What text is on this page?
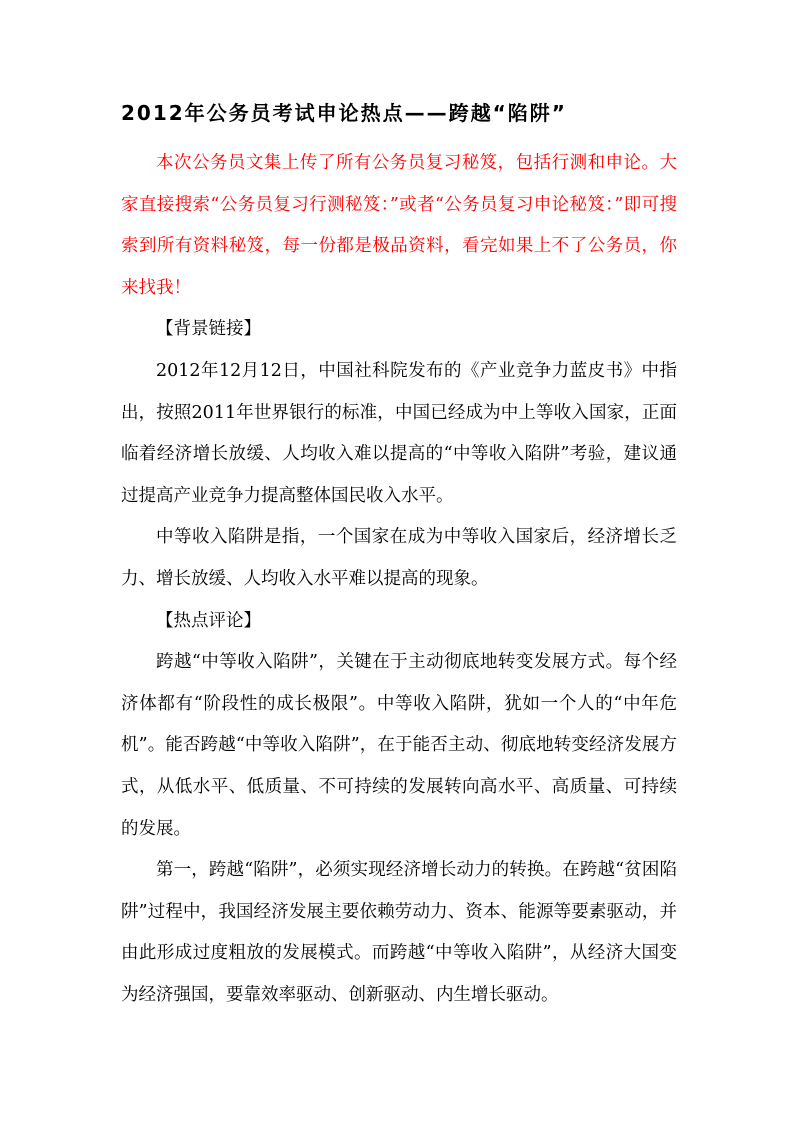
2012年公务员考试申论热点——跨越“陷阱”

本次公务员文集上传了所有公务员复习秘笈，包括行测和申论。大家直接搜索“公务员复习行测秘笈：”或者“公务员复习申论秘笈：”即可搜索到所有资料秘笈，每一份都是极品资料，看完如果上不了公务员，你来找我！

【背景链接】

2012年12月12日，中国社科院发布的《产业竞争力蓝皮书》中指出，按照2011年世界银行的标准，中国已经成为中上等收入国家，正面临着经济增长放缓、人均收入难以提高的“中等收入陷阱”考验，建议通过提高产业竞争力提高整体国民收入水平。

中等收入陷阱是指，一个国家在成为中等收入国家后，经济增长乏力、增长放缓、人均收入水平难以提高的现象。

【热点评论】

跨越“中等收入陷阱”，关键在于主动彻底地转变发展方式。每个经济体都有“阶段性的成长极限”。中等收入陷阱，犹如一个人的“中年危机”。能否跨越“中等收入陷阱”，在于能否主动、彻底地转变经济发展方式，从低水平、低质量、不可持续的发展转向高水平、高质量、可持续的发展。

第一，跨越“陷阱”，必须实现经济增长动力的转换。在跨越“贫困陷阱”过程中，我国经济发展主要依赖劳动力、资本、能源等要素驱动，并由此形成过度粗放的发展模式。而跨越“中等收入陷阱”，从经济大国变为经济强国，要靠效率驱动、创新驱动、内生增长驱动。
